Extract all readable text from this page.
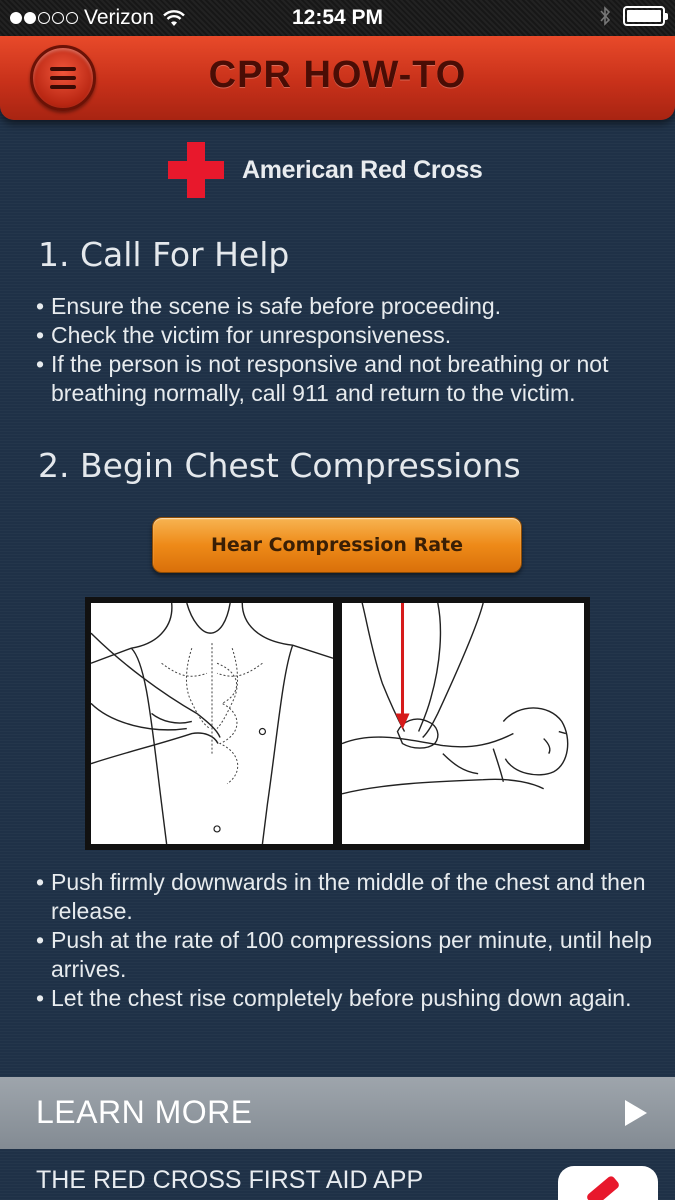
Verizon	12:54 PM
CPR HOW-TO
American Red Cross
1. Call For Help
• Ensure the scene is safe before proceeding.
• Check the victim for unresponsiveness.
• If the person is not responsive and not breathing or not breathing normally, call 911 and return to the victim.
2. Begin Chest Compressions
Hear Compression Rate
• Push firmly downwards in the middle of the chest and then release.
• Push at the rate of 100 compressions per minute, until help arrives.
• Let the chest rise completely before pushing down again.
LEARN MORE
THE RED CROSS FIRST AID APP
